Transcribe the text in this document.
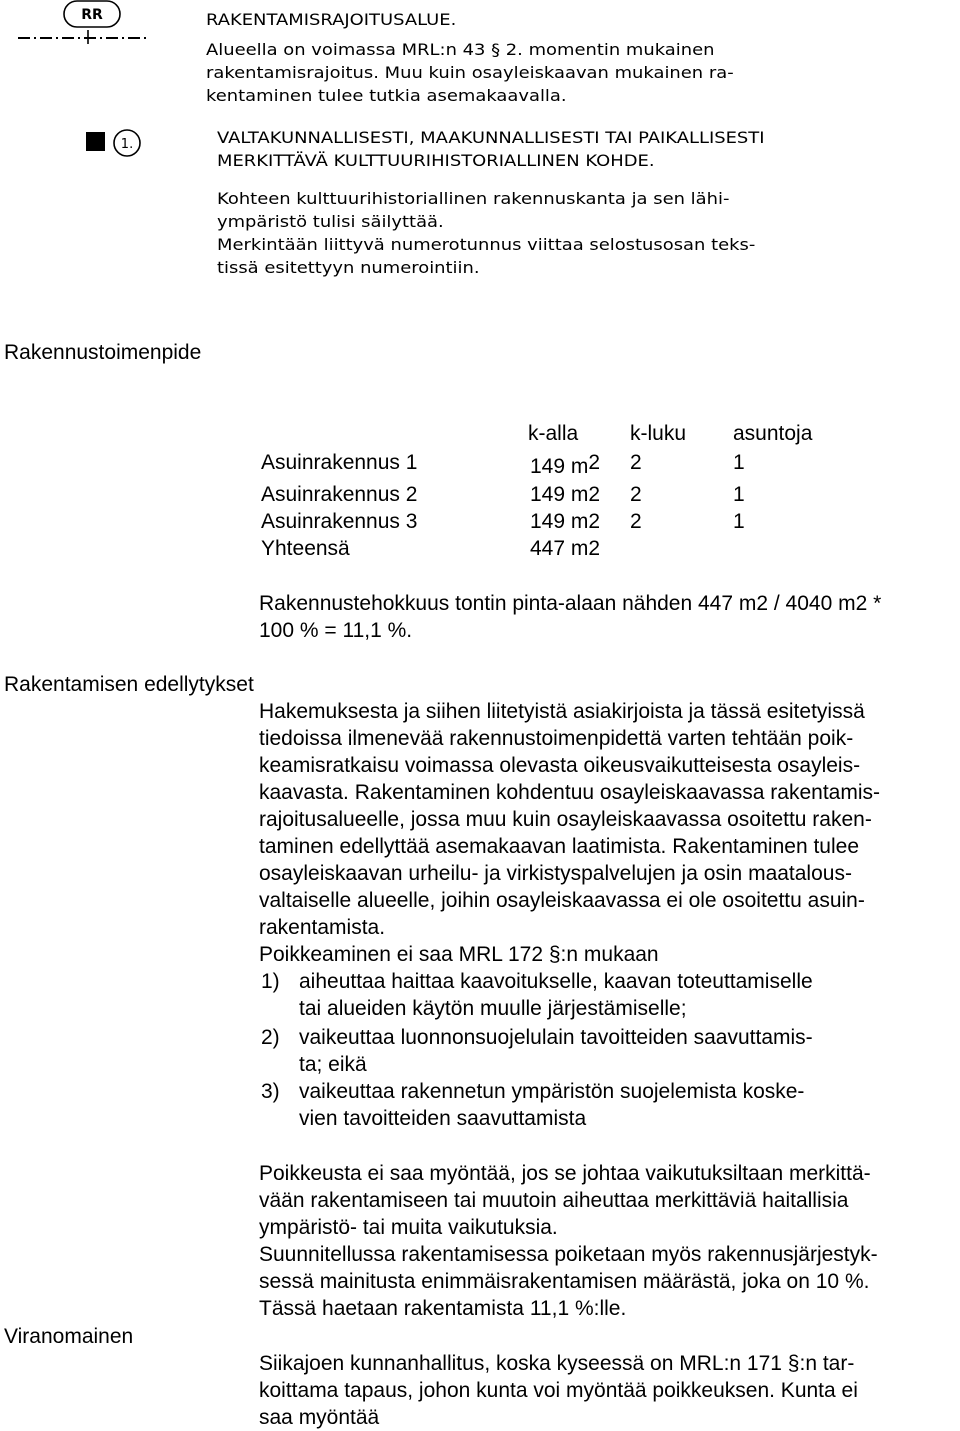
RR	RAKENTAMISRAJOITUSALUE.
Alueella on voimassa MRL:n 43 § 2. momentin mukainen
rakentamisrajoitus. Muu kuin osayleiskaavan mukainen ra-
kentaminen tulee tutkia asemakaavalla.
1.	VALTAKUNNALLISESTI, MAAKUNNALLISESTI TAI PAIKALLISESTI
MERKITTÄVÄ KULTTUURIHISTORIALLINEN KOHDE.
Kohteen kulttuurihistoriallinen rakennuskanta ja sen lähi-
ympäristö tulisi säilyttää.
Merkintään liittyvä numerotunnus viittaa selostusosan teks-
tissä esitettyyn numerointiin.
Rakennustoimenpide
k-alla k-luku asuntoja
Asuinrakennus 1	149 m2 2	1
Asuinrakennus 2	149 m2 2	1
Asuinrakennus 3	149 m2 2	1
Yhteensä	447 m2
Rakennustehokkuus tontin pinta-alaan nähden 447 m2 / 4040 m2 *
100 % = 11,1 %.
Rakentamisen edellytykset
Hakemuksesta ja siihen liitetyistä asiakirjoista ja tässä esitetyissä
tiedoissa ilmenevää rakennustoimenpidettä varten tehtään poik-
keamisratkaisu voimassa olevasta oikeusvaikutteisesta osayleis-
kaavasta. Rakentaminen kohdentuu osayleiskaavassa rakentamis-
rajoitusalueelle, jossa muu kuin osayleiskaavassa osoitettu raken-
taminen edellyttää asemakaavan laatimista. Rakentaminen tulee
osayleiskaavan urheilu- ja virkistyspalvelujen ja osin maatalous-
valtaiselle alueelle, joihin osayleiskaavassa ei ole osoitettu asuin-
rakentamista.
Poikkeaminen ei saa MRL 172 §:n mukaan
1) aiheuttaa haittaa kaavoitukselle, kaavan toteuttamiselle
tai alueiden käytön muulle järjestämiselle;
2) vaikeuttaa luonnonsuojelulain tavoitteiden saavuttamis-
ta; eikä
3) vaikeuttaa rakennetun ympäristön suojelemista koske-
vien tavoitteiden saavuttamista
Poikkeusta ei saa myöntää, jos se johtaa vaikutuksiltaan merkittä-
vään rakentamiseen tai muutoin aiheuttaa merkittäviä haitallisia
ympäristö- tai muita vaikutuksia.
Suunnitellussa rakentamisessa poiketaan myös rakennusjärjestyk-
sessä mainitusta enimmäisrakentamisen määrästä, joka on 10 %.
Tässä haetaan rakentamista 11,1 %:lle.
Viranomainen
Siikajoen kunnanhallitus, koska kyseessä on MRL:n 171 §:n tar-
koittama tapaus, johon kunta voi myöntää poikkeuksen. Kunta ei
saa myöntää
